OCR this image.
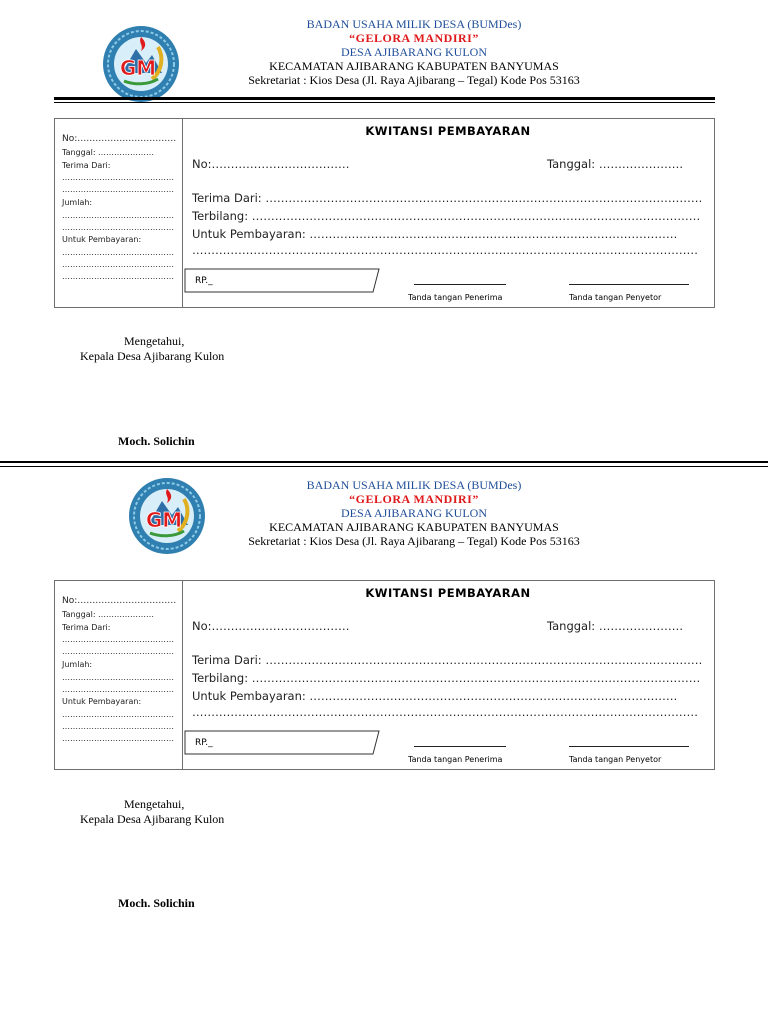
GM
BADAN USAHA MILIK DESA (BUMDes)
“GELORA MANDIRI”
DESA AJIBARANG KULON
KECAMATAN AJIBARANG KABUPATEN BANYUMAS
Sekretariat : Kios Desa (Jl. Raya Ajibarang – Tegal) Kode Pos 53163
No:……………………………
Tanggal: …………………
Terima Dari:
……………………………………
……………………………………
Jumlah:
……………………………………
……………………………………
Untuk Pembayaran:
……………………………………
……………………………………
……………………………………
KWITANSI PEMBAYARAN
No:………………………………	Tanggal: ………………….
Terima Dari: ……………………………………………………………………………………………………
Terbilang: ………………………………………………………………………………………………………
Untuk Pembayaran: ……………………………………………………………………………………
……………………………………………………………………………………………………………………
RP._
Tanda tangan Penerima	Tanda tangan Penyetor
Mengetahui,
Kepala Desa Ajibarang Kulon
Moch. Solichin
GM
BADAN USAHA MILIK DESA (BUMDes)
“GELORA MANDIRI”
DESA AJIBARANG KULON
KECAMATAN AJIBARANG KABUPATEN BANYUMAS
Sekretariat : Kios Desa (Jl. Raya Ajibarang – Tegal) Kode Pos 53163
No:……………………………
Tanggal: …………………
Terima Dari:
……………………………………
……………………………………
Jumlah:
……………………………………
……………………………………
Untuk Pembayaran:
……………………………………
……………………………………
……………………………………
KWITANSI PEMBAYARAN
No:………………………………	Tanggal: ………………….
Terima Dari: ……………………………………………………………………………………………………
Terbilang: ………………………………………………………………………………………………………
Untuk Pembayaran: ……………………………………………………………………………………
……………………………………………………………………………………………………………………
RP._
Tanda tangan Penerima	Tanda tangan Penyetor
Mengetahui,
Kepala Desa Ajibarang Kulon
Moch. Solichin
